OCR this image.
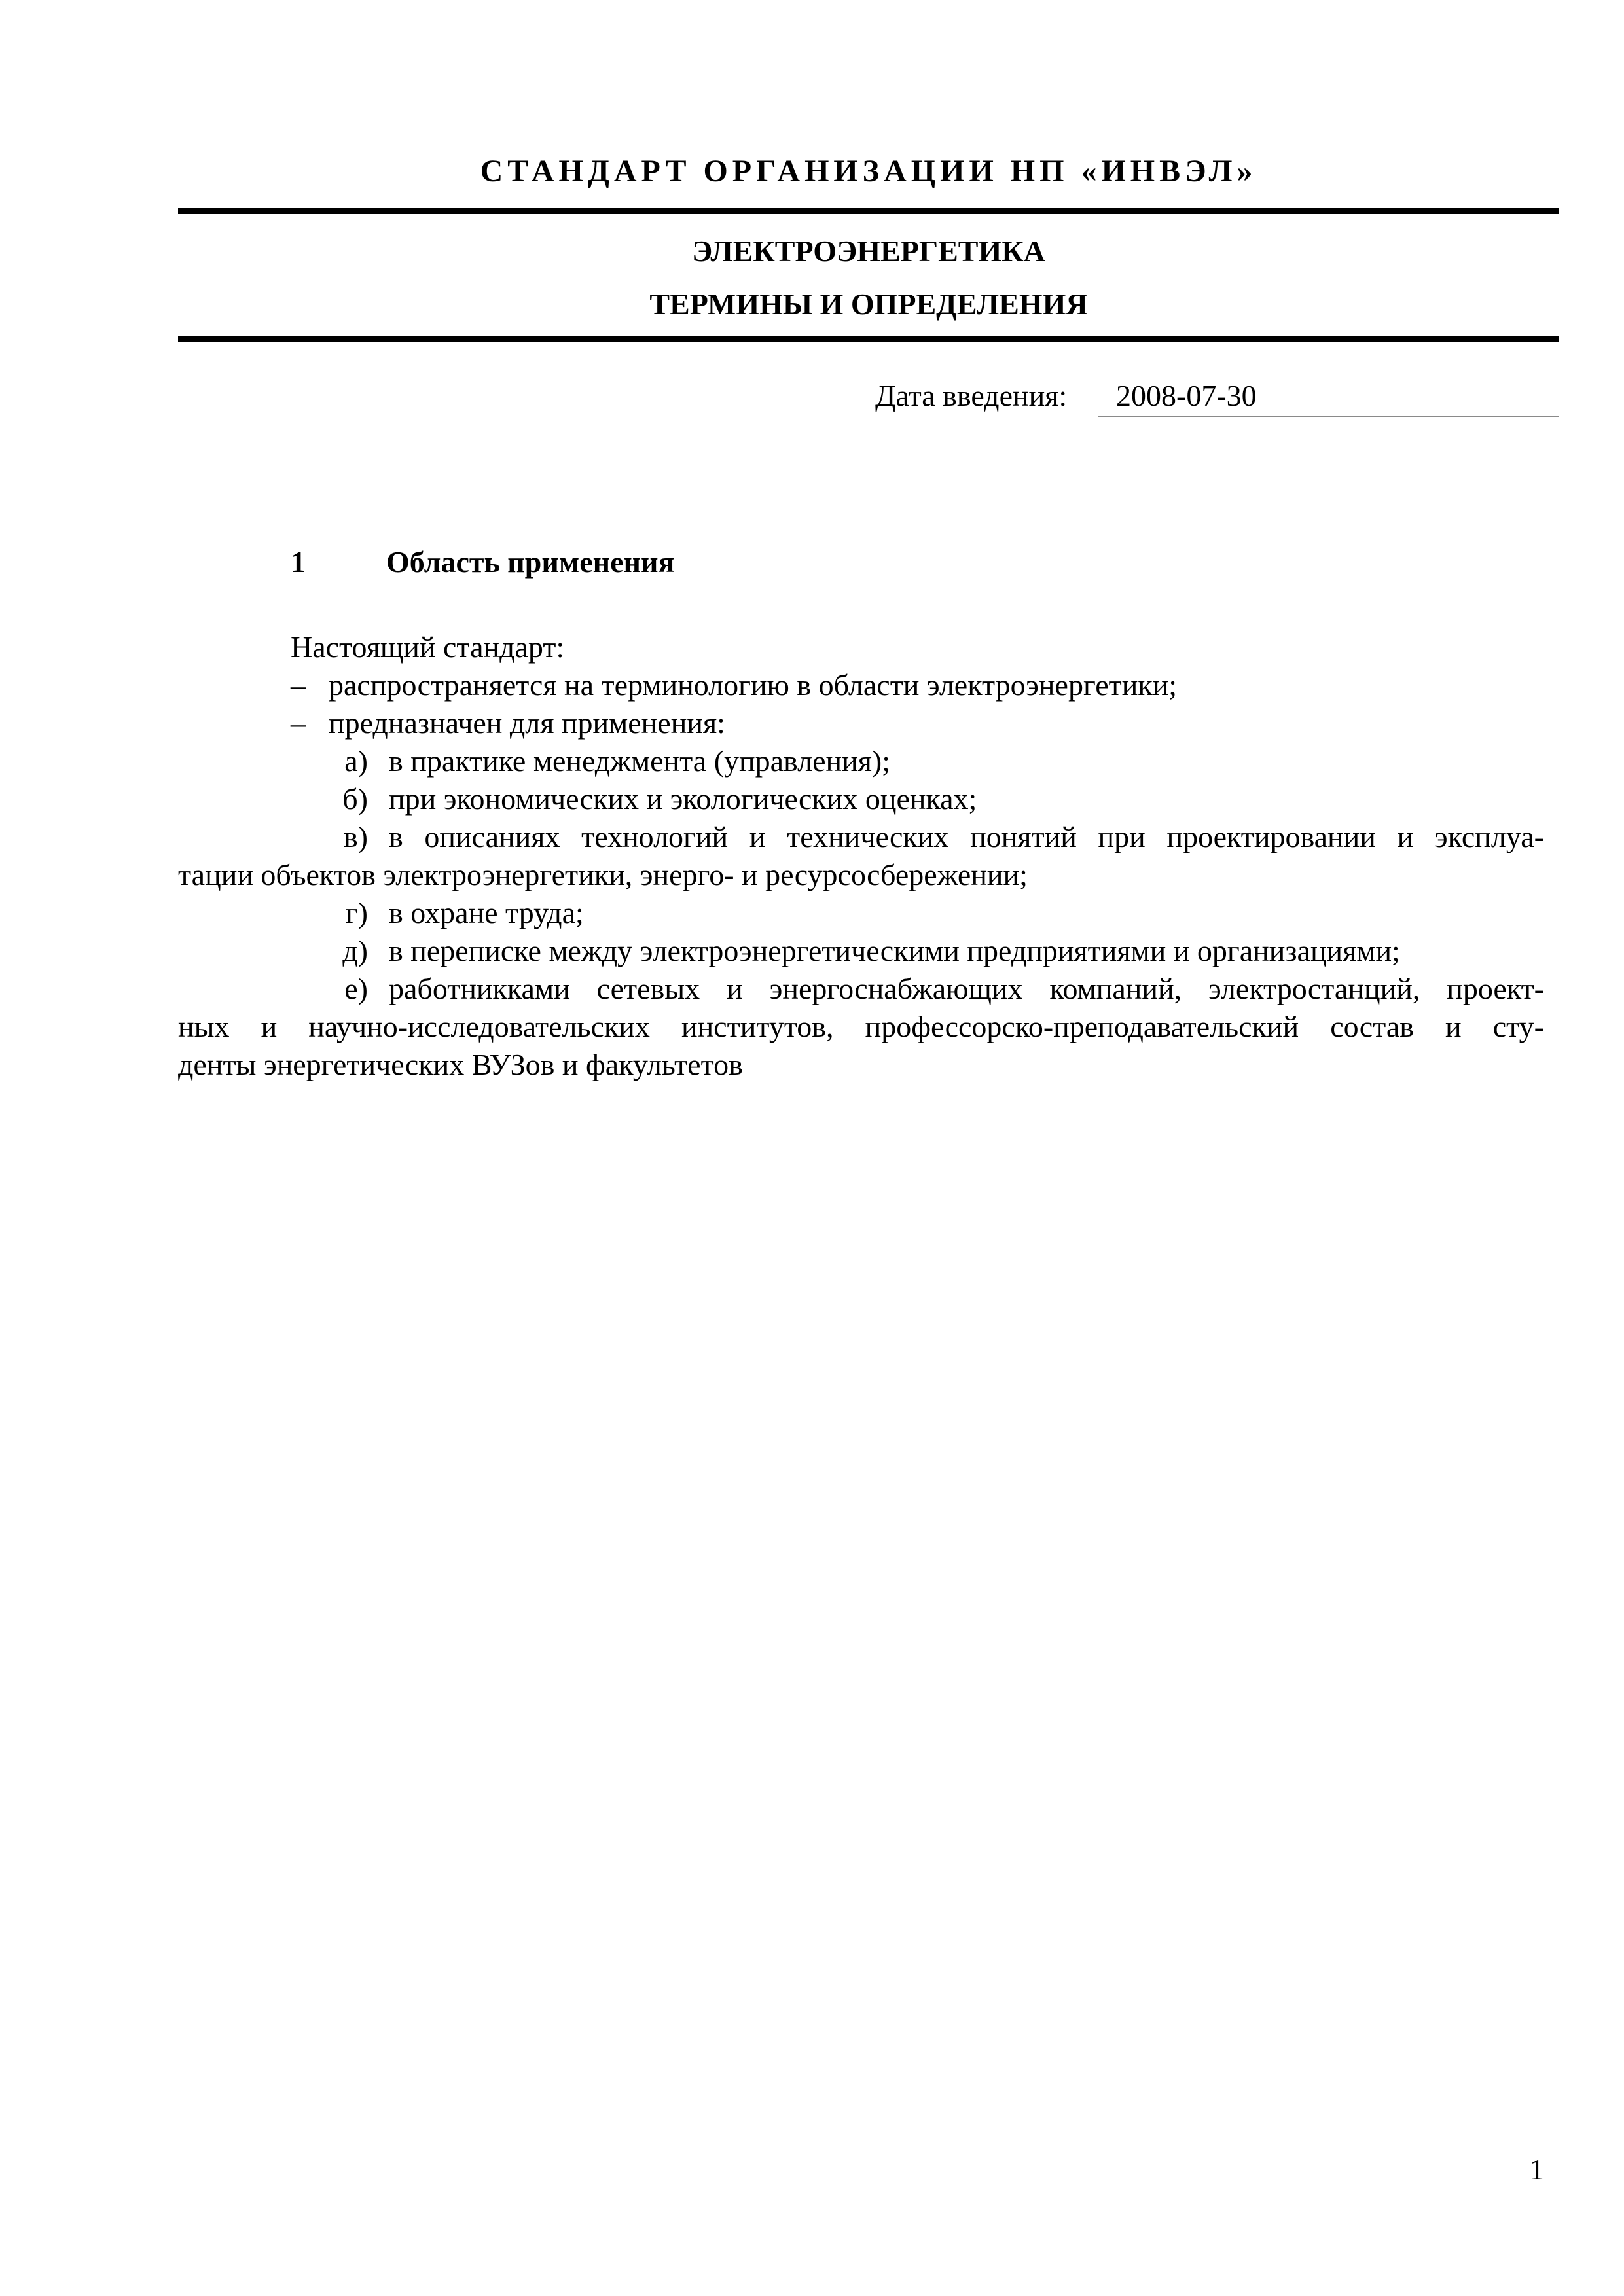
СТАНДАРТ ОРГАНИЗАЦИИ НП «ИНВЭЛ»
ЭЛЕКТРОЭНЕРГЕТИКА
ТЕРМИНЫ И ОПРЕДЕЛЕНИЯ
Дата введения:	2008-07-30
1	Область применения
Настоящий стандарт:
– распространяется на терминологию в области электроэнергетики;
– предназначен для применения:
а) в практике менеджмента (управления);
б) при экономических и экологических оценках;
в) в описаниях технологий и технических понятий при проектировании и эксплуа-
тации объектов электроэнергетики, энерго- и ресурсосбережении;
г) в охране труда;
д) в переписке между электроэнергетическими предприятиями и организациями;
е) работникками сетевых и энергоснабжающих компаний, электростанций, проект-
ных и научно-исследовательских институтов, профессорско-преподавательский состав и сту-
денты энергетических ВУЗов и факультетов
1
